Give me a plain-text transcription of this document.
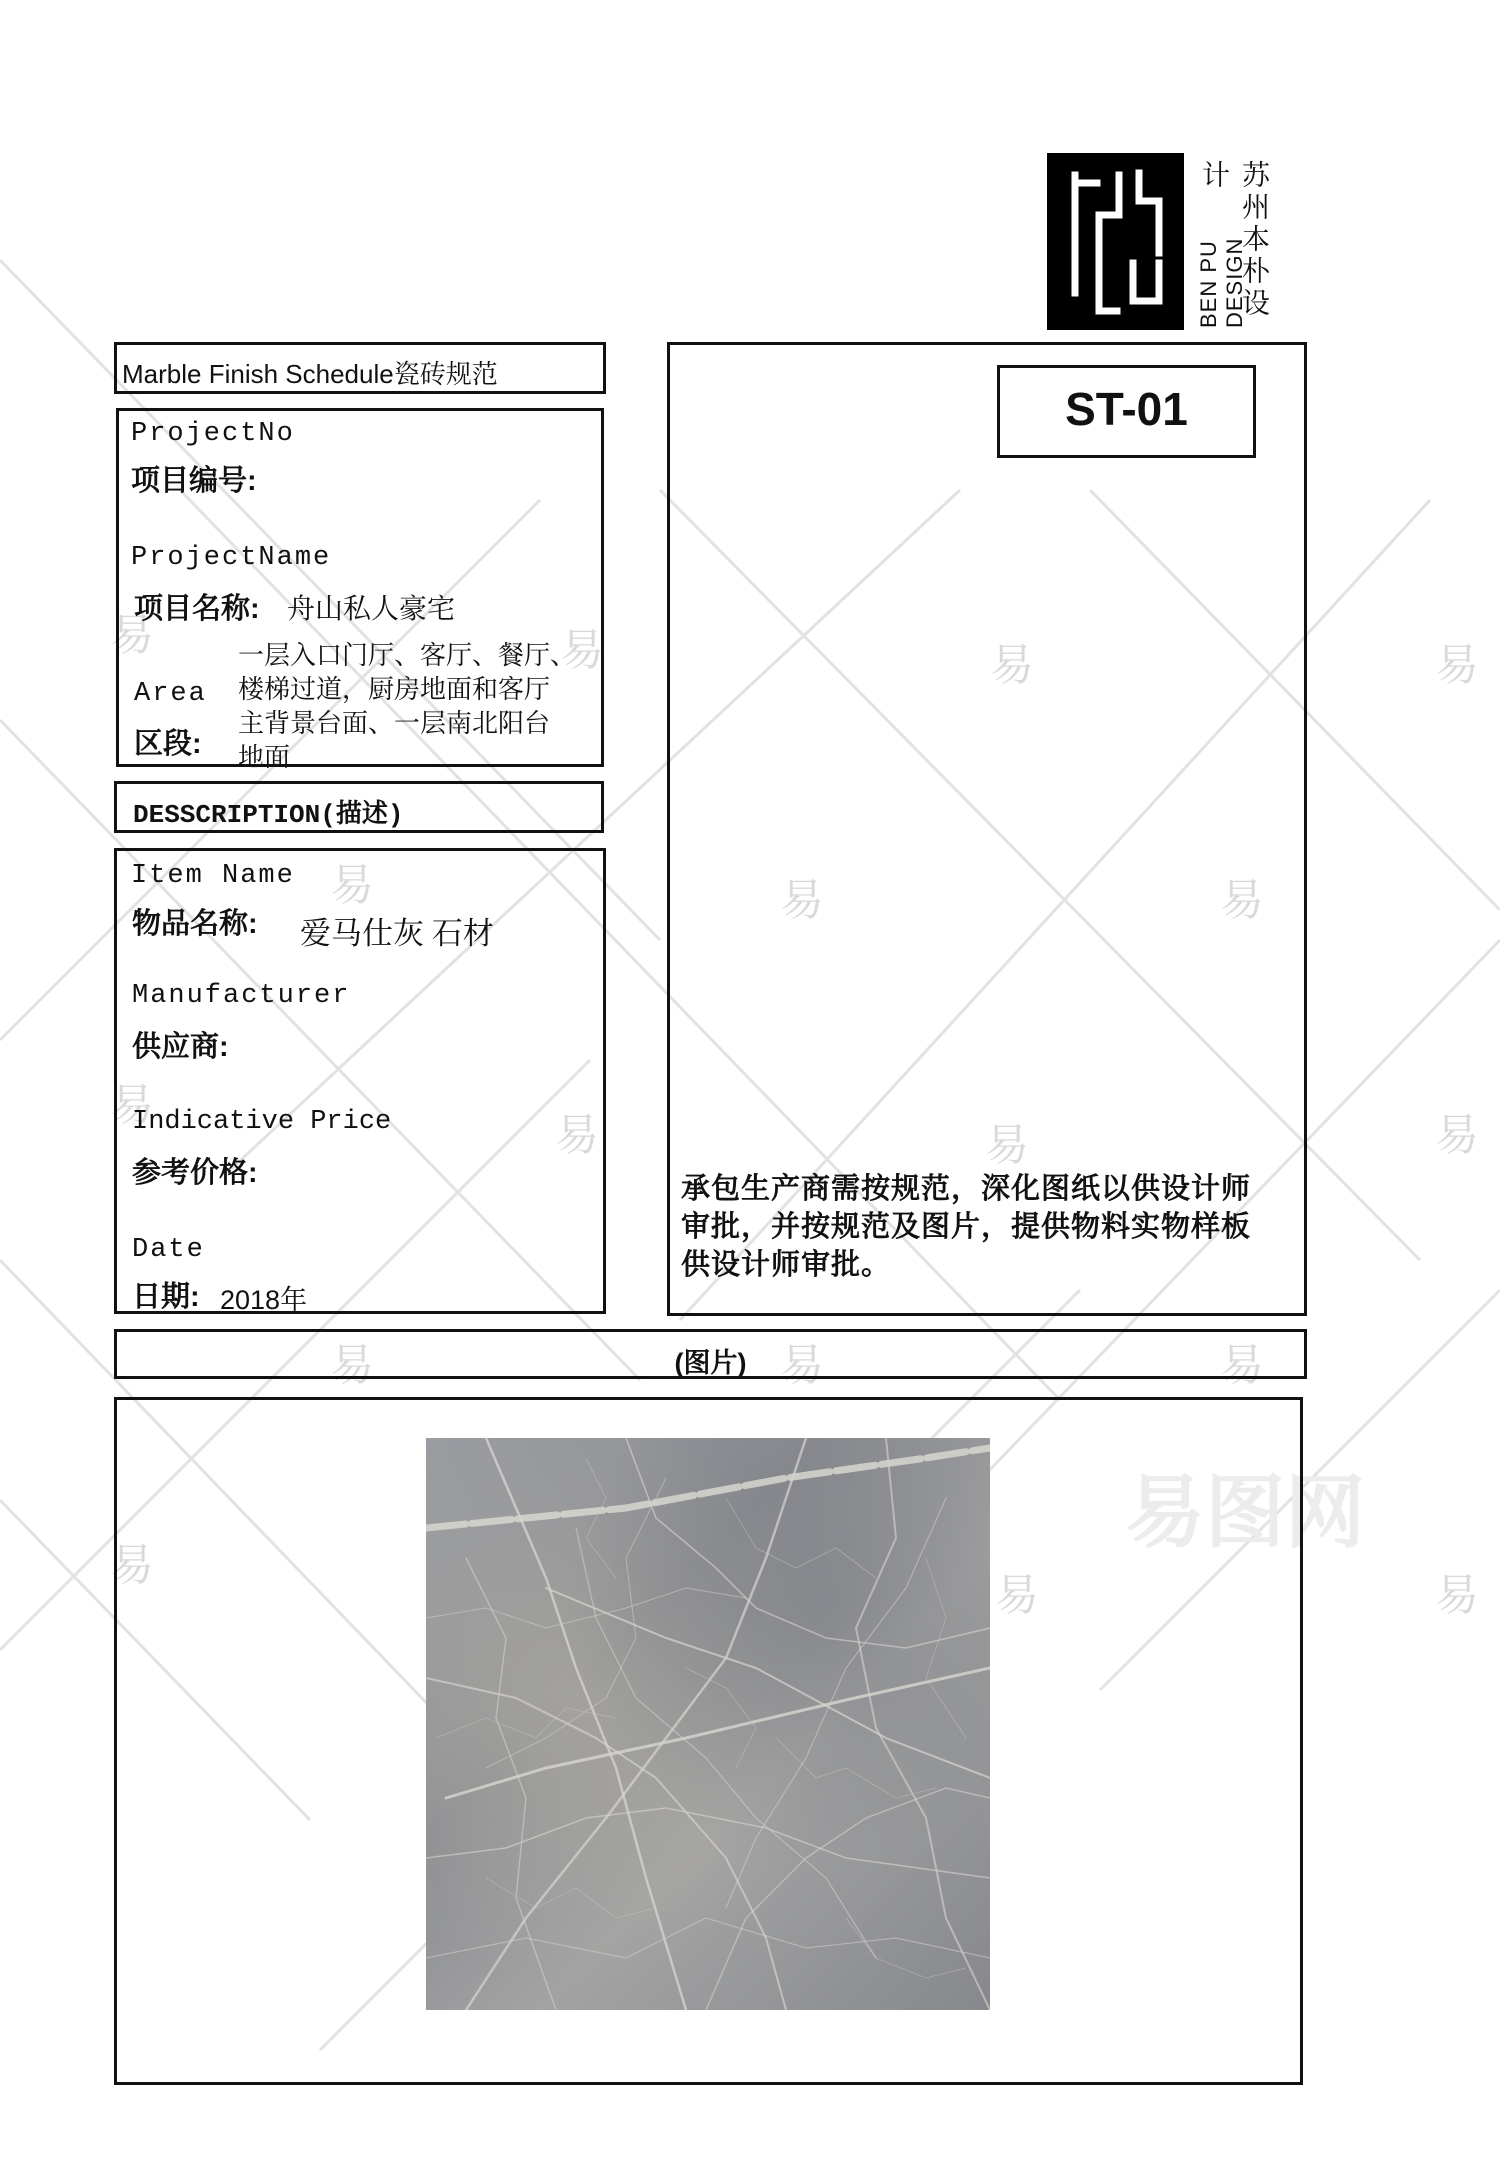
易	易	易	易
易
易	易	易
易
易	易
易	易	易
易	易	易
易图网
BEN PU DESIGN
苏州本朴设计
Marble Finish Schedule瓷砖规范
ProjectNo
项目编号:
ProjectName
项目名称: 舟山私人豪宅
Area
区段:
一层入口门厅、客厅、餐厅、
楼梯过道，厨房地面和客厅
主背景台面、一层南北阳台
地面
DESSCRIPTION(描述)
Item Name
物品名称: 爱马仕灰 石材
Manufacturer
供应商:
Indicative Price
参考价格:
Date
日期: 2018年
ST-01
承包生产商需按规范，深化图纸以供设计师
审批，并按规范及图片，提供物料实物样板
供设计师审批。
(图片)
